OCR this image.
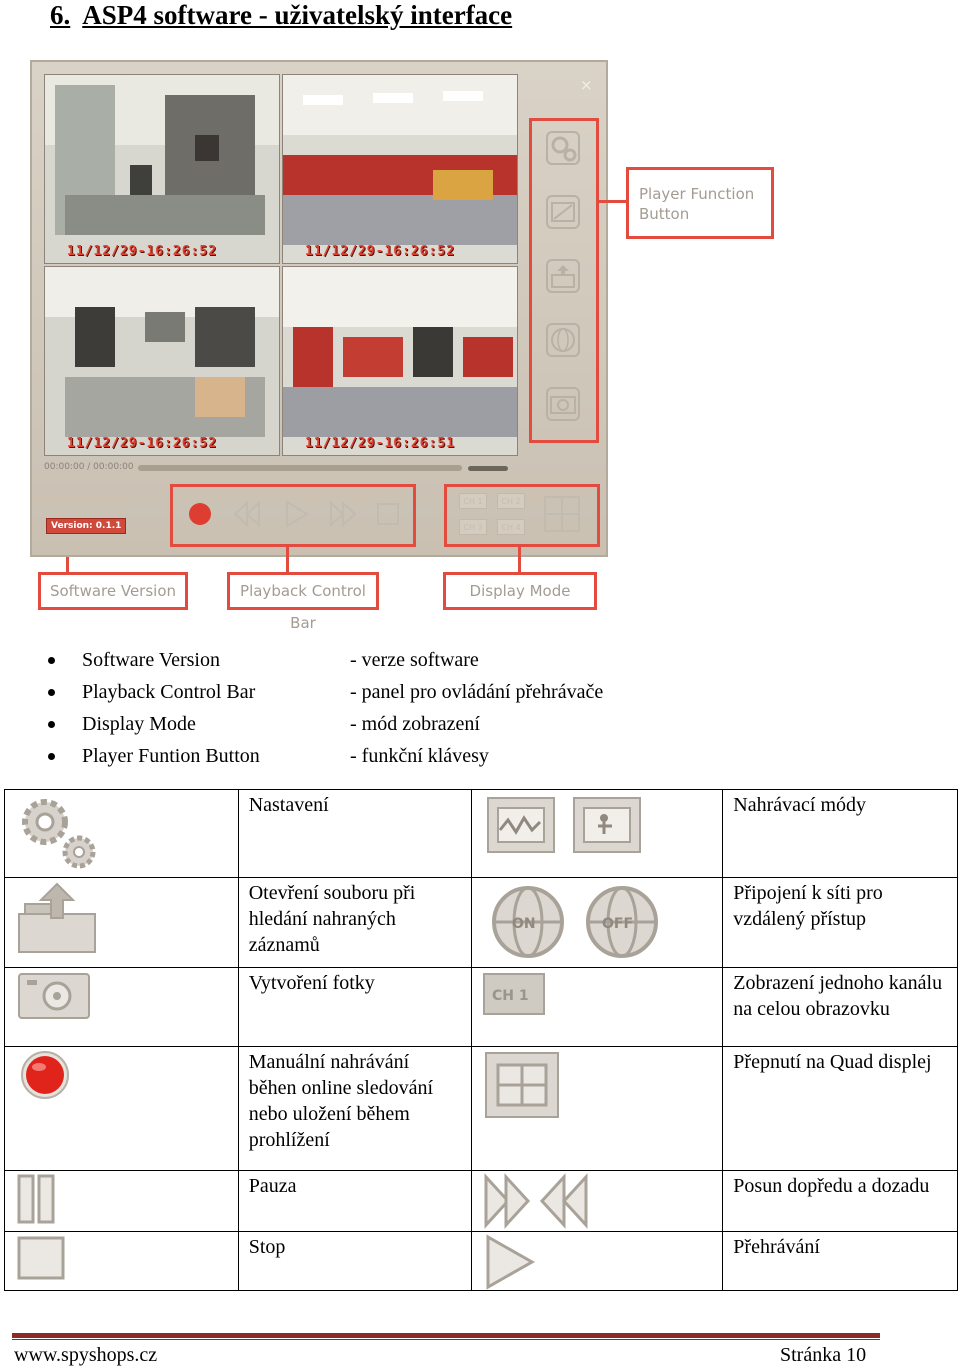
6. ASP4 software - uživatelský interface
×
11/12/29-16:26:52	11/12/29-16:26:52
11/12/29-16:26:52	11/12/29-16:26:51
00:00:00 / 00:00:00
Version: 0.1.1
CH 1	CH 2
CH 3	CH 4
Player Function Button
Software Version	Playback Control Bar
Display Mode
Software Version	- verze software
Playback Control Bar	- panel pro ovládání přehrávače
Display Mode	- mód zobrazení
Player Funtion Button	- funkční klávesy
	Nastavení		Nahrávací módy

	Otevření souboru při hledání nahraných záznamů	ON OFF	Připojení k síti pro vzdálený přístup

	Vytvoření fotky	CH 1	Zobrazení jednoho kanálu na celou obrazovku

	Manuální nahrávání běhen online sledování nebo uložení během prohlížení		Přepnutí na Quad displej

	Pauza		Posun dopředu a dozadu

	Stop		Přehrávání
www.spyshops.cz	Stránka 10
